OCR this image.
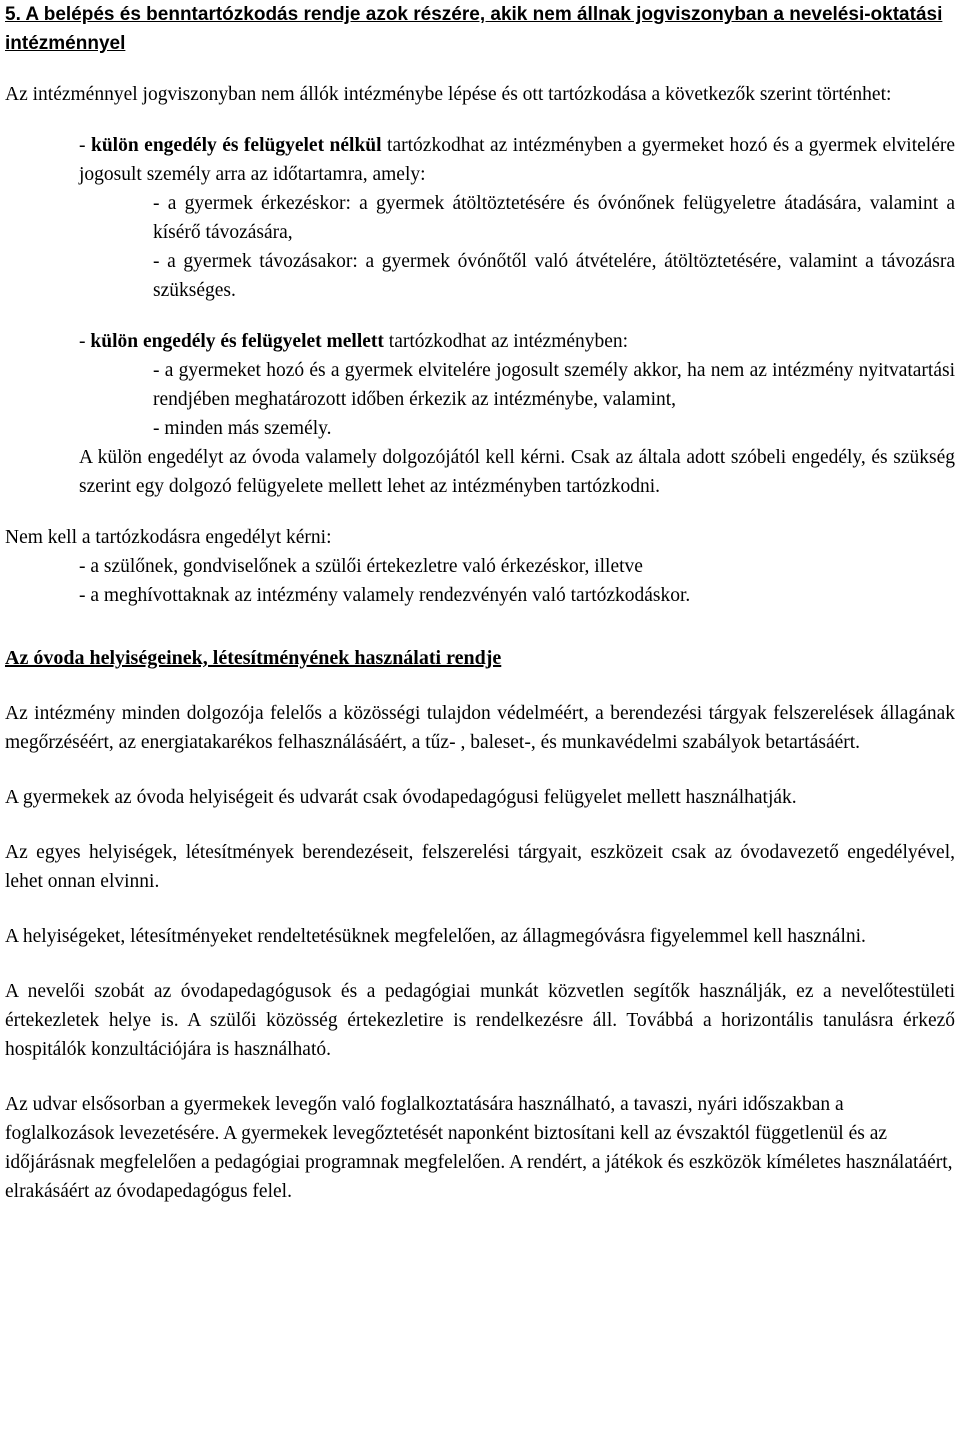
5. A belépés és benntartózkodás rendje azok részére, akik nem állnak jogviszonyban a nevelési-oktatási intézménnyel

Az intézménnyel jogviszonyban nem állók intézménybe lépése és ott tartózkodása a következők szerint történhet:

- külön engedély és felügyelet nélkül tartózkodhat az intézményben a gyermeket hozó és a gyermek elvitelére jogosult személy arra az időtartamra, amely:

- a gyermek érkezéskor: a gyermek átöltöztetésére és óvónőnek felügyeletre átadására, valamint a kísérő távozására,

- a gyermek távozásakor: a gyermek óvónőtől való átvételére, átöltöztetésére, valamint a távozásra szükséges.

- külön engedély és felügyelet mellett tartózkodhat az intézményben:

- a gyermeket hozó és a gyermek elvitelére jogosult személy akkor, ha nem az intézmény nyitvatartási rendjében meghatározott időben érkezik az intézménybe, valamint,

- minden más személy.

A külön engedélyt az óvoda valamely dolgozójától kell kérni. Csak az általa adott szóbeli engedély, és szükség szerint egy dolgozó felügyelete mellett lehet az intézményben tartózkodni.

Nem kell a tartózkodásra engedélyt kérni:

- a szülőnek, gondviselőnek a szülői értekezletre való érkezéskor, illetve

- a meghívottaknak az intézmény valamely rendezvényén való tartózkodáskor.

Az óvoda helyiségeinek, létesítményének használati rendje

Az intézmény minden dolgozója felelős a közösségi tulajdon védelméért, a berendezési tárgyak felszerelések állagának megőrzéséért, az energiatakarékos felhasználásáért, a tűz- , baleset-, és munkavédelmi szabályok betartásáért.

A gyermekek az óvoda helyiségeit és udvarát csak óvodapedagógusi felügyelet mellett használhatják.

Az egyes helyiségek, létesítmények berendezéseit, felszerelési tárgyait, eszközeit csak az óvodavezető engedélyével, lehet onnan elvinni.

A helyiségeket, létesítményeket rendeltetésüknek megfelelően, az állagmegóvásra figyelemmel kell használni.

A nevelői szobát az óvodapedagógusok és a pedagógiai munkát közvetlen segítők használják, ez a nevelőtestületi értekezletek helye is. A szülői közösség értekezletire is rendelkezésre áll. Továbbá a horizontális tanulásra érkező hospitálók konzultációjára is használható.

Az udvar elsősorban a gyermekek levegőn való foglalkoztatására használható, a tavaszi, nyári időszakban a foglalkozások levezetésére. A gyermekek levegőztetését naponként biztosítani kell az évszaktól függetlenül és az időjárásnak megfelelően a pedagógiai programnak megfelelően. A rendért, a játékok és eszközök kíméletes használatáért, elrakásáért az óvodapedagógus felel.
